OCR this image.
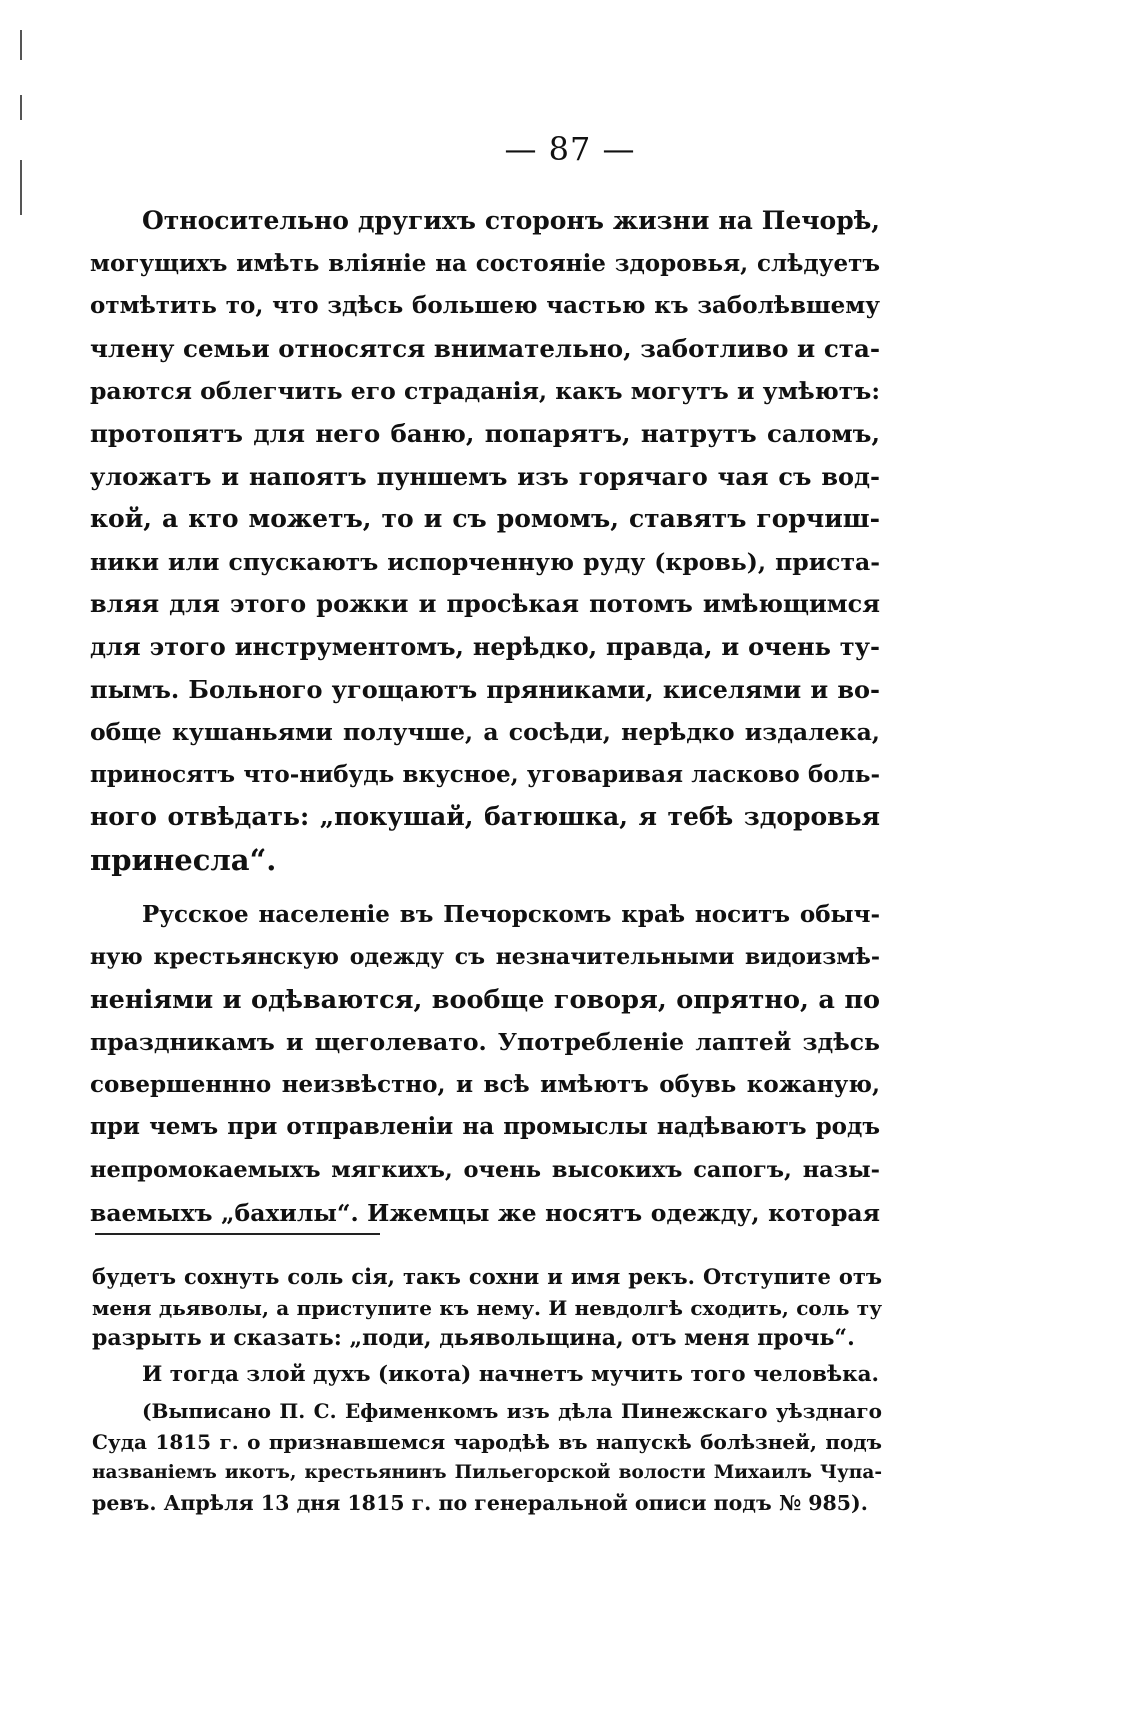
— 87 —
Относительно другихъ сторонъ жизни на Печорѣ,
могущихъ имѣть вліяніе на состояніе здоровья, слѣдуетъ
отмѣтить то, что здѣсь большею частью къ заболѣвшему
члену семьи относятся внимательно, заботливо и ста-
раются облегчить его страданія, какъ могутъ и умѣютъ:
протопятъ для него баню, попарятъ, натрутъ саломъ,
уложатъ и напоятъ пуншемъ изъ горячаго чая съ вод-
кой, а кто можетъ, то и съ ромомъ, ставятъ горчиш-
ники или спускаютъ испорченную руду (кровь), приста-
вляя для этого рожки и просѣкая потомъ имѣющимся
для этого инструментомъ, нерѣдко, правда, и очень ту-
пымъ. Больного угощаютъ пряниками, киселями и во-
обще кушаньями получше, а сосѣди, нерѣдко издалека,
приносятъ что-нибудь вкусное, уговаривая ласково боль-
ного отвѣдать: „покушай, батюшка, я тебѣ здоровья
принесла“.
Русское населеніе въ Печорскомъ краѣ носитъ обыч-
ную крестьянскую одежду съ незначительными видоизмѣ-
неніями и одѣваются, вообще говоря, опрятно, а по
праздникамъ и щеголевато. Употребленіе лаптей здѣсь
совершеннно неизвѣстно, и всѣ имѣютъ обувь кожаную,
при чемъ при отправленіи на промыслы надѣваютъ родъ
непромокаемыхъ мягкихъ, очень высокихъ сапогъ, назы-
ваемыхъ „бахилы“. Ижемцы же носятъ одежду, которая
будетъ сохнуть соль сія, такъ сохни и имя рекъ. Отступите отъ
меня дьяволы, а приступите къ нему. И невдолгѣ сходить, соль ту
разрыть и сказать: „поди, дьявольщина, отъ меня прочь“.
И тогда злой духъ (икота) начнетъ мучить того человѣка.
(Выписано П. С. Ефименкомъ изъ дѣла Пинежскаго уѣзднаго
Суда 1815 г. о признавшемся чародѣѣ въ напускѣ болѣзней, подъ
названіемъ икотъ, крестьянинъ Пильегорской волости Михаилъ Чупа-
ревъ. Апрѣля 13 дня 1815 г. по генеральной описи подъ № 985).
